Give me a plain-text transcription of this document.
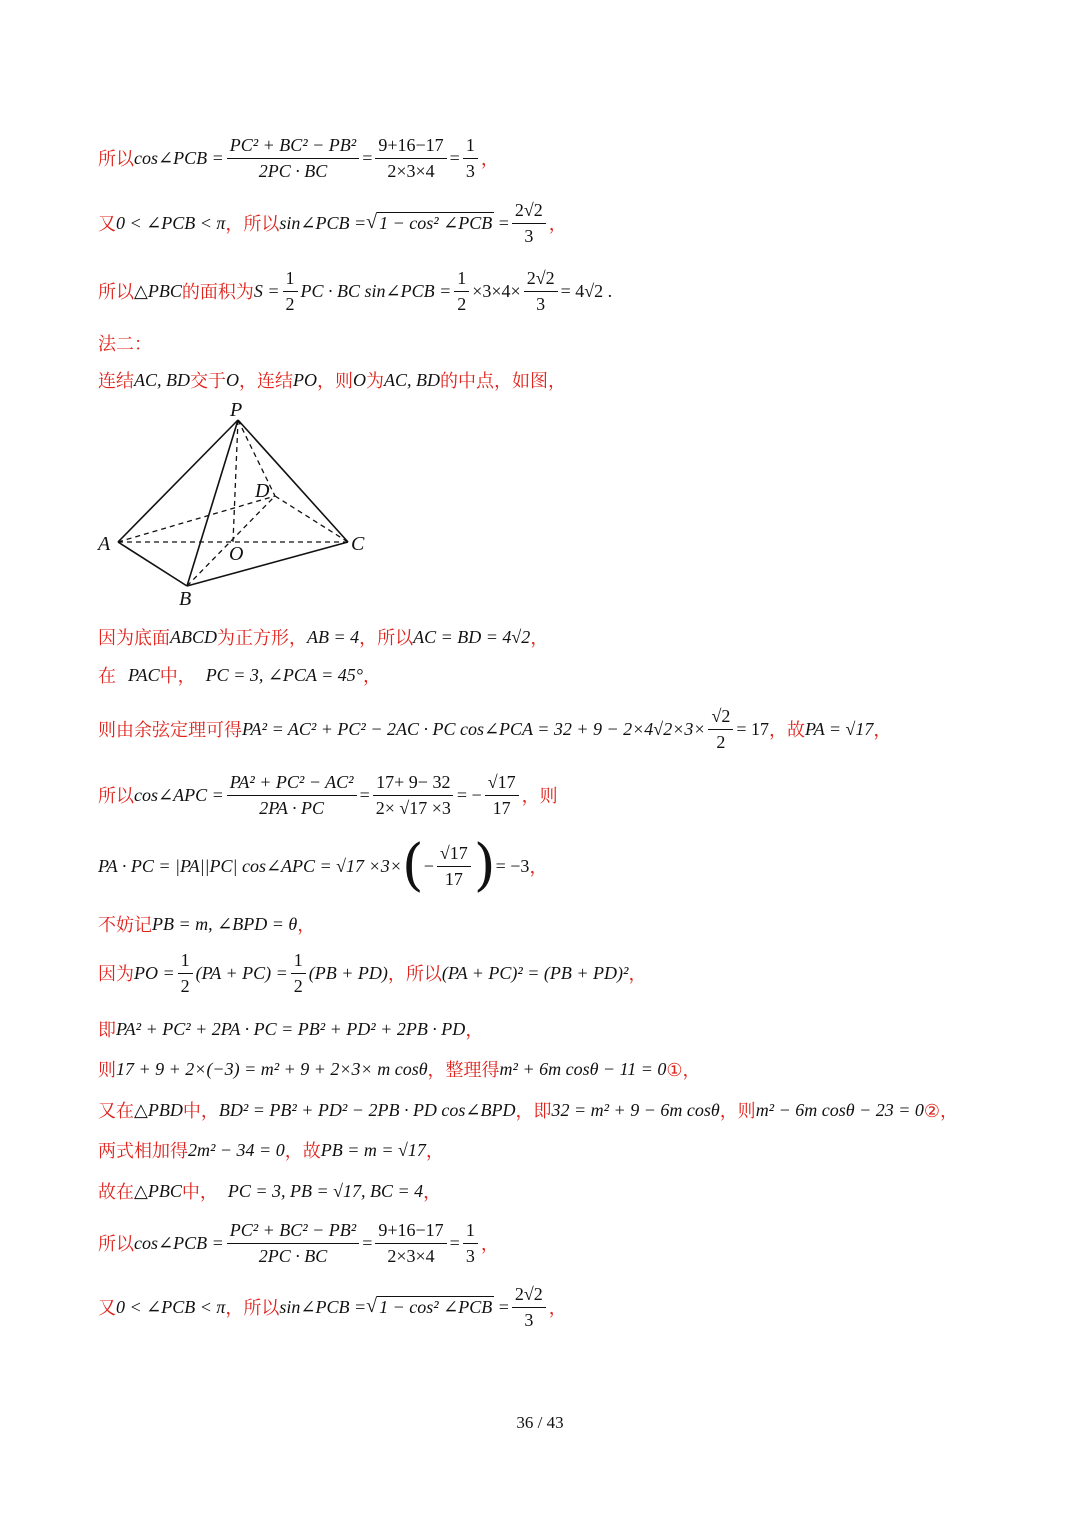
所以 cos∠PCB = $\frac{\text{PC² + BC² − PB²}}{2PC \cdot BC} = \frac{9+16-17}{2\times 3\times 4} = \frac{1}{3}$ ，
又 0 < ∠PCB < π ，所以 sin∠PCB = √ 1 − cos² ∠PCB = $\frac{2√2}{3}$ ，
所以 △PBC 的面积为 $S = \frac{1}{2}$ PC · BC sin∠PCB = $\frac{1}{2} \times 3\times 4\times \frac{2√2}{3} = 4√2$ .
法二：
连结 AC, BD 交于 O ，连结 PO ，则 O 为 AC, BD 的中点，如图，
P
D
A	O	C
B
因为底面 ABCD 为正方形， AB = 4 ，所以 AC = BD = 4√2 ，
在 PAC 中， PC = 3, ∠PCA = 45° ，
则由余弦定理可得 PA² = AC² + PC² − 2AC · PC cos∠PCA = $32 + 9 - 2\times 4√2\times 3\times \frac{√2}{2} = 17$ ，故 PA = √17 ，
所以 cos∠APC = $\frac{\text{PA² + PC² − AC²}}{2PA \cdot PC} = \frac{17+ 9- 32}{2\times √17 \times 3}$ = − $\frac{√17}{17}$ ，则
PA · PC = |PA||PC| cos∠APC = √17 ×3× ( − $\frac{√17}{17}$ ) = −3 ，
不妨记 PB = m, ∠BPD = θ ，
因为 PO = $\frac{1}{2} (PA + PC) = \frac{1}{2} (PB + PD)$ ，所以 (PA + PC)² = (PB + PD)² ，
即 PA² + PC² + 2PA · PC = PB² + PD² + 2PB · PD ，
则 17 + 9 + 2×(−3) = m² + 9 + 2×3× m cosθ ，整理得 m² + 6m cosθ − 11 = 0 ①，
又在 △PBD 中， BD² = PB² + PD² − 2PB · PD cos∠BPD ，即 32 = m² + 9 − 6m cosθ ，则 m² − 6m cosθ − 23 = 0 ②，
两式相加得 2m² − 34 = 0 ，故 PB = m = √17 ，
故在 △PBC 中， PC = 3, PB = √17, BC = 4 ，
所以 cos∠PCB = $\frac{\text{PC² + BC² − PB²}}{2PC \cdot BC} = \frac{9+16-17}{2\times 3\times 4} = \frac{1}{3}$ ，
又 0 < ∠PCB < π ，所以 sin∠PCB = √ 1 − cos² ∠PCB = $\frac{2√2}{3}$ ，
36 / 43
